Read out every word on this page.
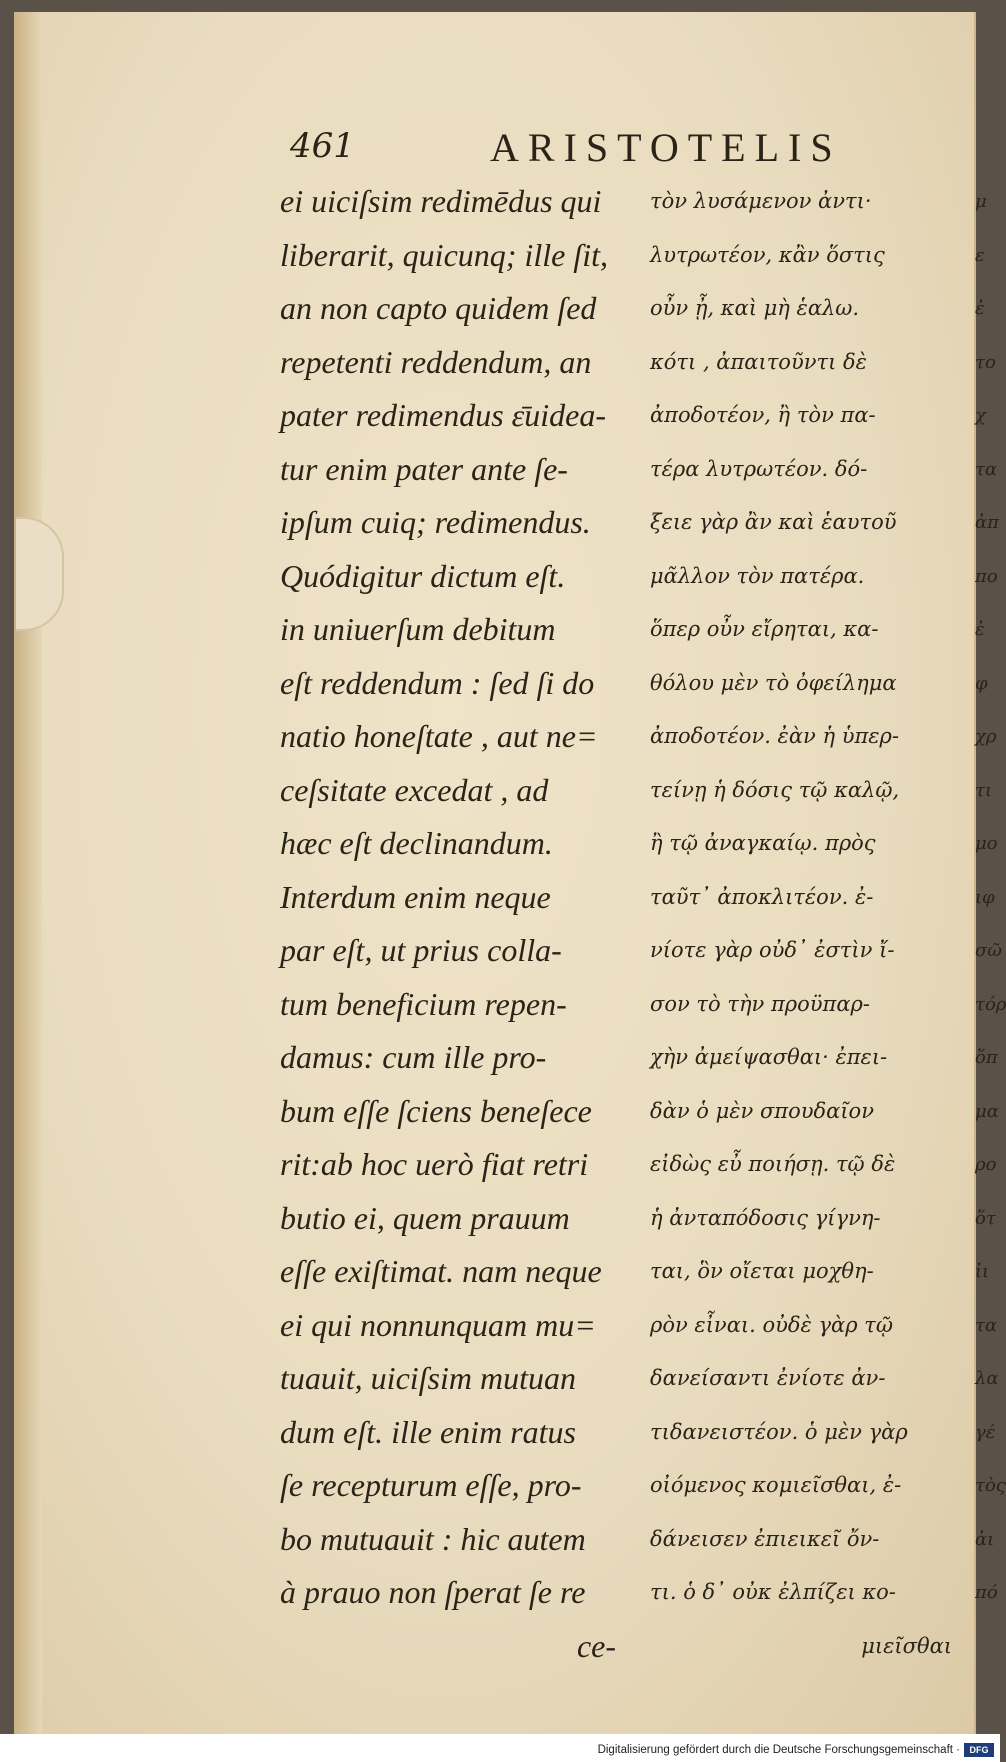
461	ARISTOTELIS
ei uiciſsim redimēdus qui
liberarit, quicunq; ille ſit,
an non capto quidem ſed
repetenti reddendum, an
pater redimendus ε̄uidea-
tur enim pater ante ſe-
ipſum cuiq; redimendus.
Quódigitur dictum eſt.
in uniuerſum debitum
eſt reddendum : ſed ſi do
natio honeſtate , aut ne=
ceſsitate excedat , ad
hæc eſt declinandum.
Interdum enim neque
par eſt, ut prius colla-
tum beneficium repen-
damus: cum ille pro-
bum eſſe ſciens beneſece
rit:ab hoc uerò fiat retri
butio ei, quem prauum
eſſe exiſtimat. nam neque
ei qui nonnunquam mu=
tuauit, uiciſsim mutuan
dum eſt. ille enim ratus
ſe recepturum eſſe, pro-
bo mutuauit : hic autem
à prauo non ſperat ſe re
ce-
τὸν λυσάμενον ἀντι·
λυτρωτέον, κἂν ὅστις
οὖν ᾖ, καὶ μὴ ἑαλω.
κότι , ἀπαιτοῦντι δὲ
ἀποδοτέον, ἢ τὸν πα-
τέρα λυτρωτέον. δό-
ξειε γὰρ ἂν καὶ ἑαυτοῦ
μᾶλλον τὸν πατέρα.
ὅπερ οὖν εἴρηται, κα-
θόλου μὲν τὸ ὀφείλημα
ἀποδοτέον. ἐὰν ἡ ὑπερ-
τείνῃ ἡ δόσις τῷ καλῷ,
ἢ τῷ ἀναγκαίῳ. πρὸς
ταῦτ᾽ ἀποκλιτέον. ἐ-
νίοτε γὰρ οὐδ᾽ ἐστὶν ἴ-
σον τὸ τὴν προϋπαρ-
χὴν ἀμείψασθαι· ἐπει-
δὰν ὁ μὲν σπουδαῖον
εἰδὼς εὖ ποιήσῃ. τῷ δὲ
ἡ ἀνταπόδοσις γίγνη-
ται, ὃν οἴεται μοχθη-
ρὸν εἶναι. οὐδὲ γὰρ τῷ
δανείσαντι ἐνίοτε ἀν-
τιδανειστέον. ὁ μὲν γὰρ
οἰόμενος κομιεῖσθαι, ἐ-
δάνεισεν ἐπιεικεῖ ὄν-
τι. ὁ δ᾽ οὐκ ἐλπίζει κο-
μιεῖσθαι
μ
ε
ἐ
το
χ
τα
ἀπ
πο
ἐ
φ
χρ
τι
μο
ιφ
σῶ
τόρ
ὅπ
μα
ρο
ὅτ
ἰι
τα
λα
γέ
τὸς
ἀι
πό
Digitalisierung gefördert durch die Deutsche Forschungsgemeinschaft ·	DFG
